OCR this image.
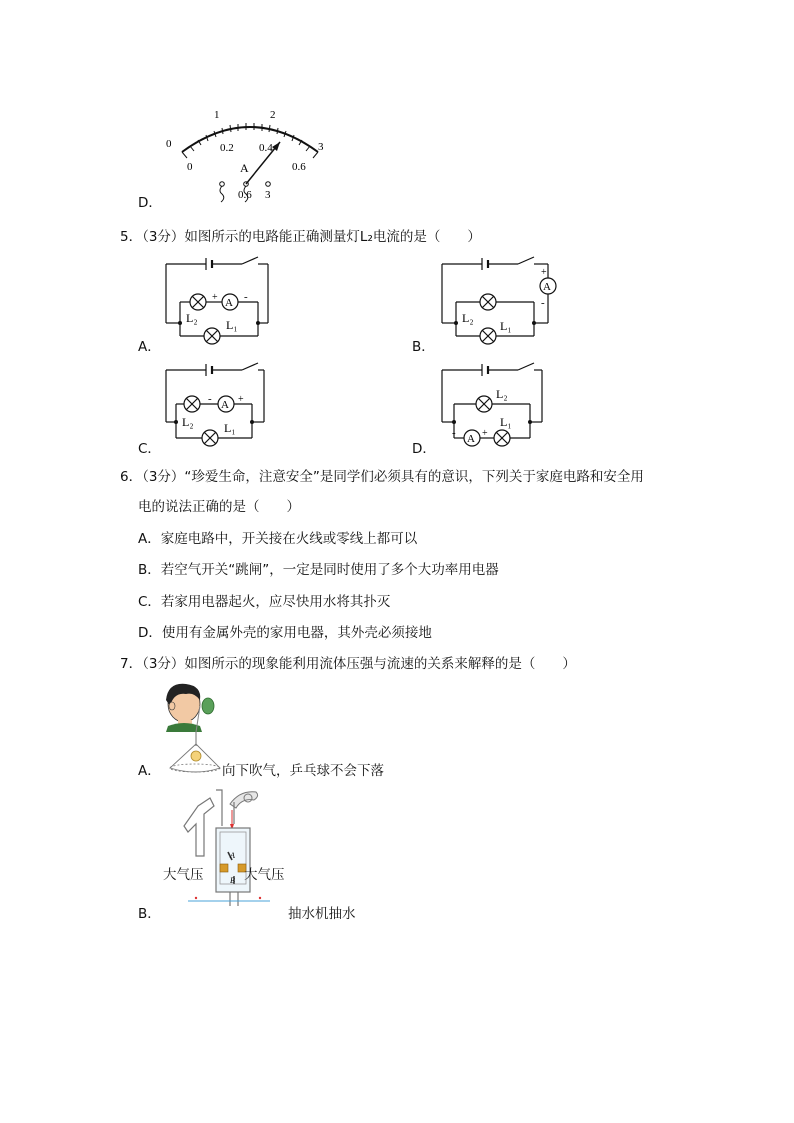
0
1	2
3
0
0.2 0.4
0.6
A
0.6 3
D．
5．（3分）如图所示的电路能正确测量灯L₂电流的是（　　）
A
+ -
L₂ L₁
A．
A
+
-
L₂
L₁
B．
A
-	+
L₂	L₁
C．
A
-	+
L₂
L₁
D．
6．（3分）“珍爱生命，注意安全”是同学们必须具有的意识，下列关于家庭电路和安全用
电的说法正确的是（　　）
A．家庭电路中，开关接在火线或零线上都可以
B．若空气开关“跳闸”，一定是同时使用了多个大功率用电器
C．若家用电器起火，应尽快用水将其扑灭
D．使用有金属外壳的家用电器，其外壳必须接地
7．（3分）如图所示的现象能利用流体压强与流速的关系来解释的是（　　）
A．	向下吹气，乒乓球不会下落
A
B
大气压	大气压
B．	抽水机抽水
